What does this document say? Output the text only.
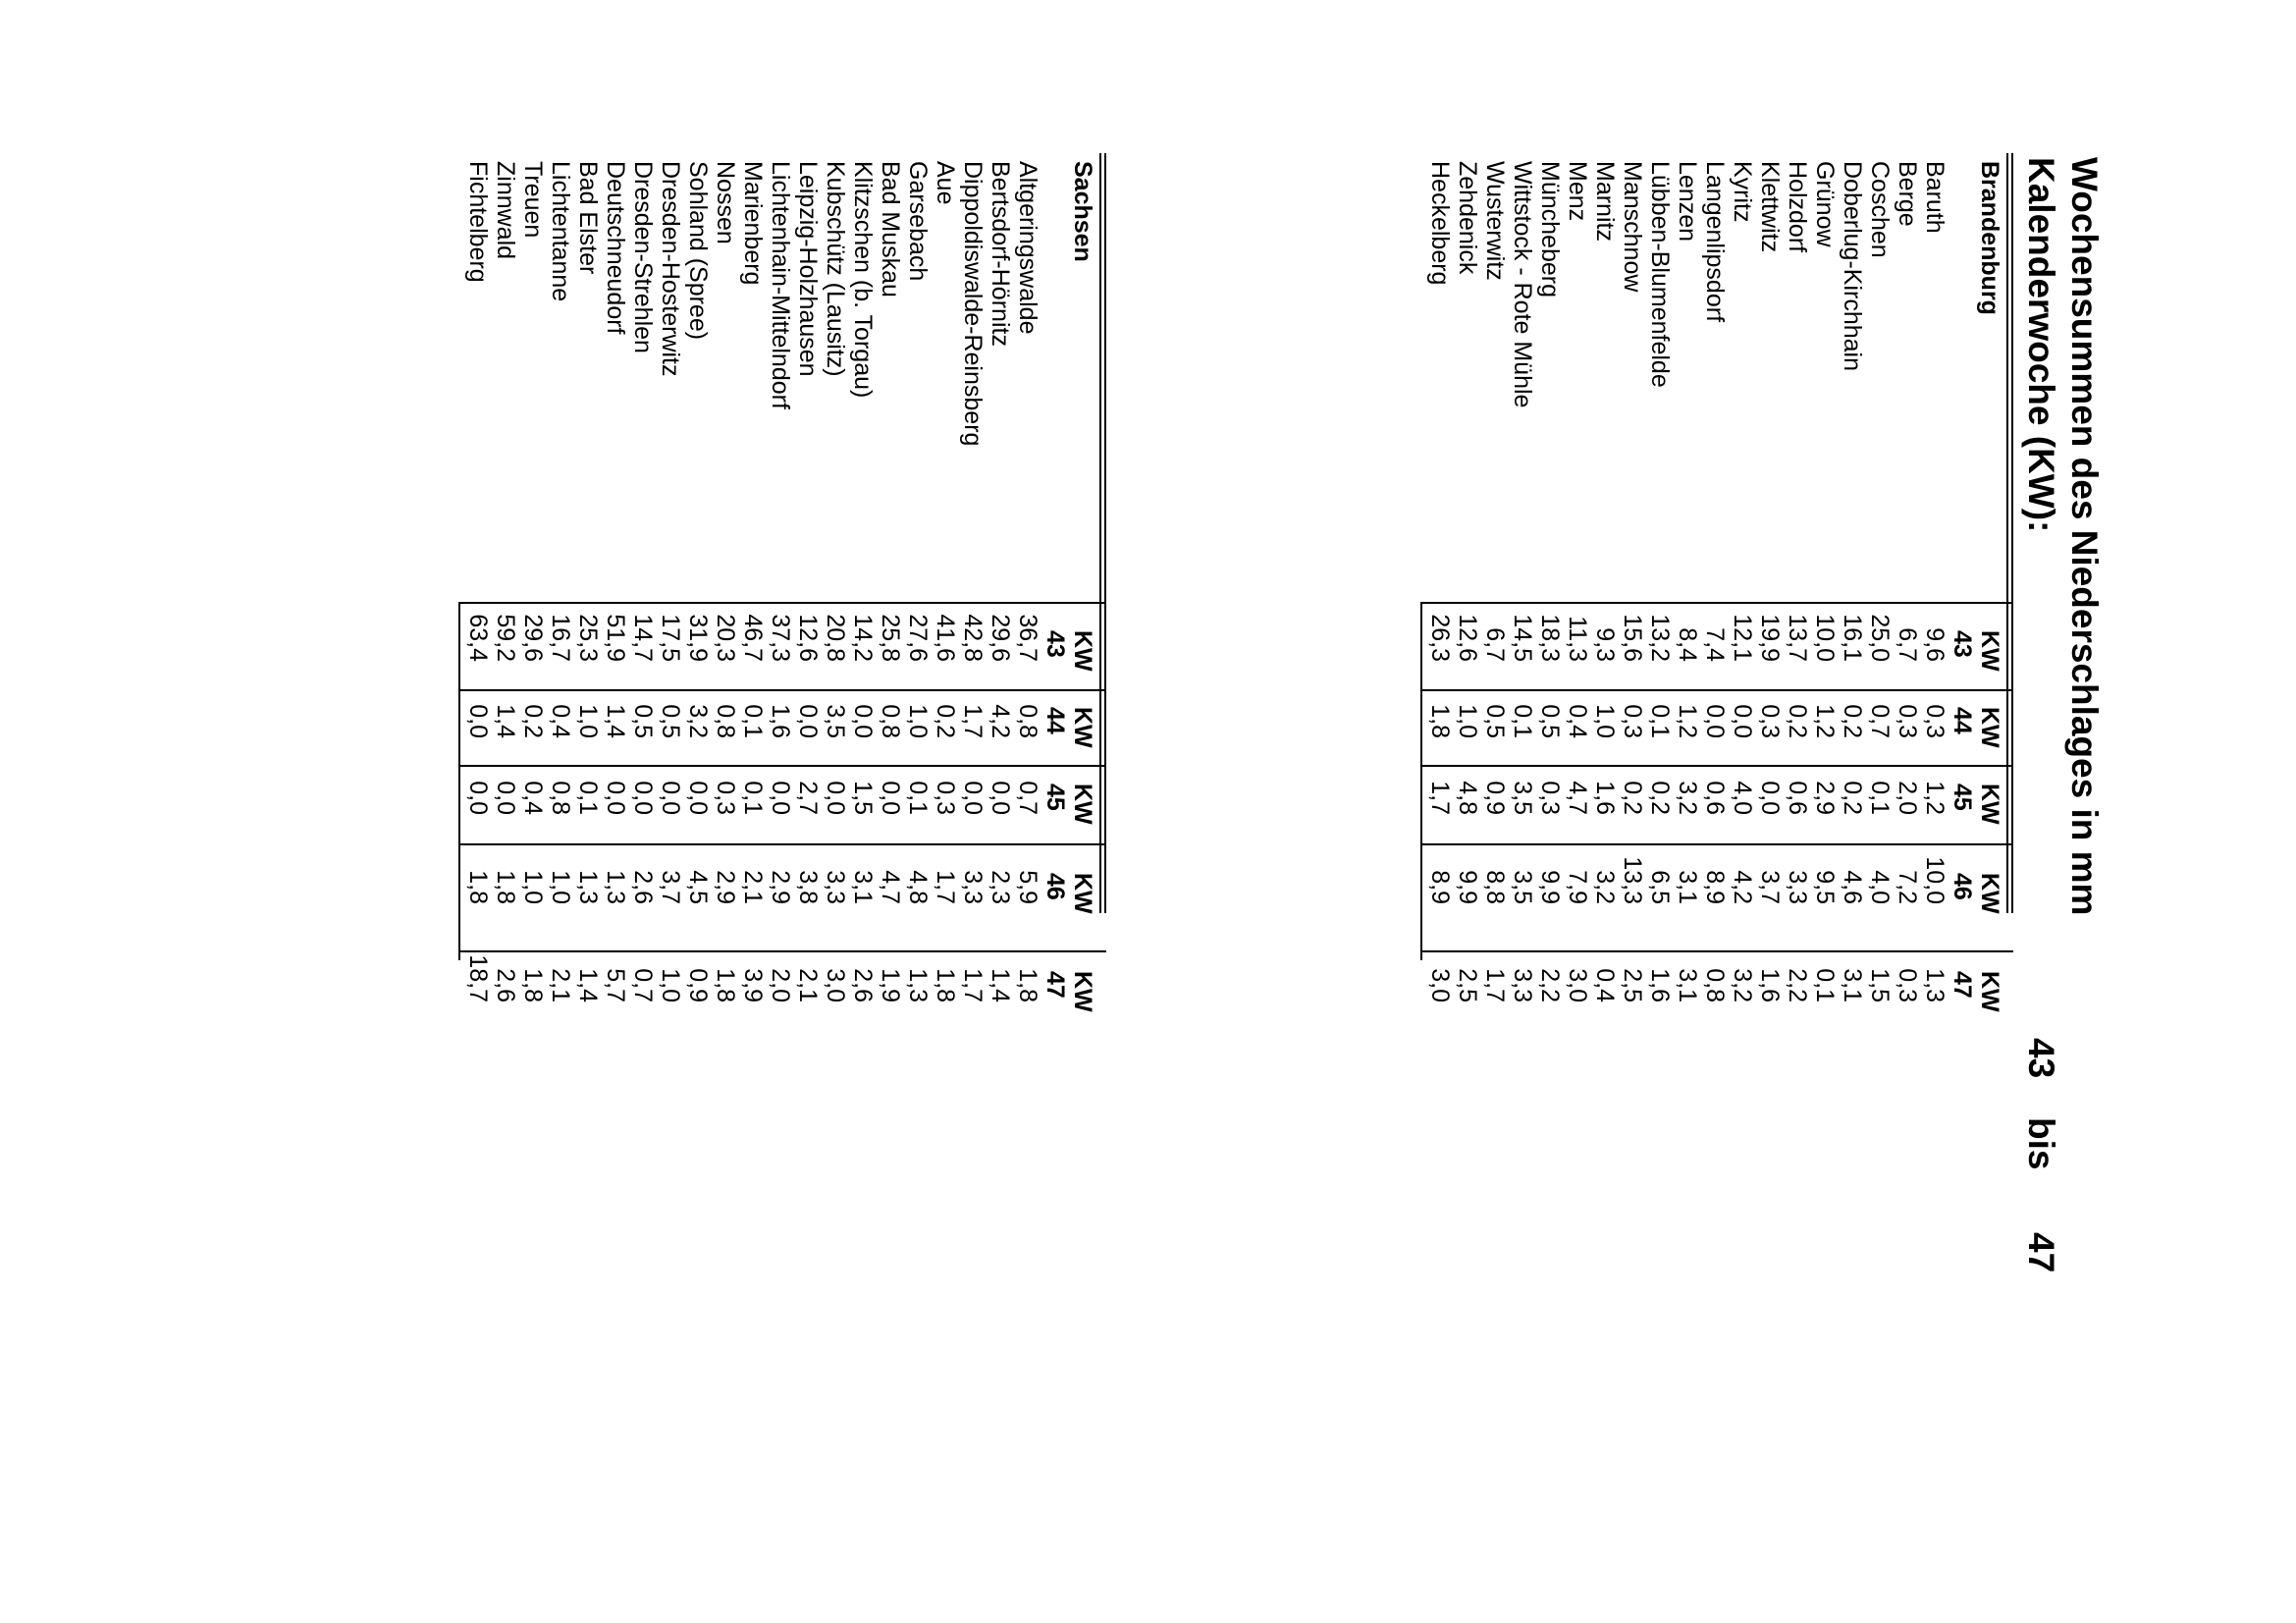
Wochensummen des Niederschlages in mm
Kalenderwoche (KW):
43
bis
47
Brandenburg
KW
43
KW
44
KW
45
KW
46
KW
47
Baruth
9,6
0,3
1,2
10,0
1,3
Berge
6,7
0,3
2,0
7,2
0,3
Coschen
25,0
0,7
0,1
4,0
1,5
Doberlug-Kirchhain
16,1
0,2
0,2
4,6
3,1
Grünow
10,0
1,2
2,9
9,5
0,1
Holzdorf
13,7
0,2
0,6
3,3
2,2
Klettwitz
19,9
0,3
0,0
3,7
1,6
Kyritz
12,1
0,0
4,0
4,2
3,2
Langenlipsdorf
7,4
0,0
0,6
8,9
0,8
Lenzen
8,4
1,2
3,2
3,1
3,1
Lübben-Blumenfelde
13,2
0,1
0,2
6,5
1,6
Manschnow
15,6
0,3
0,2
13,3
2,5
Marnitz
9,3
1,0
1,6
3,2
0,4
Menz
11,3
0,4
4,7
7,9
3,0
Müncheberg
18,3
0,5
0,3
9,9
2,2
Wittstock - Rote Mühle
14,5
0,1
3,5
3,5
3,3
Wusterwitz
6,7
0,5
0,9
8,8
1,7
Zehdenick
12,6
1,0
4,8
9,9
2,5
Heckelberg
26,3
1,8
1,7
8,9
3,0
Sachsen
KW
43
KW
44
KW
45
KW
46
KW
47
Altgeringswalde
36,7
0,8
0,7
5,9
1,8
Bertsdorf-Hörnitz
29,6
4,2
0,0
2,3
1,4
Dippoldiswalde-Reinsberg
42,8
1,7
0,0
3,3
1,7
Aue
41,6
0,2
0,3
1,7
1,8
Garsebach
27,6
1,0
0,1
4,8
1,3
Bad Muskau
25,8
0,8
0,0
4,7
1,9
Klitzschen (b. Torgau)
14,2
0,0
1,5
3,1
2,6
Kubschütz (Lausitz)
20,8
3,5
0,0
3,3
3,0
Leipzig-Holzhausen
12,6
0,0
2,7
3,8
2,1
Lichtenhain-Mittelndorf
37,3
1,6
0,0
2,9
2,0
Marienberg
46,7
0,1
0,1
2,1
3,9
Nossen
20,3
0,8
0,3
2,9
1,8
Sohland (Spree)
31,9
3,2
0,0
4,5
0,9
Dresden-Hosterwitz
17,5
0,5
0,0
3,7
1,0
Dresden-Strehlen
14,7
0,5
0,0
2,6
0,7
Deutschneudorf
51,9
1,4
0,0
1,3
5,7
Bad Elster
25,3
1,0
0,1
1,3
1,4
Lichtentanne
16,7
0,4
0,8
1,0
2,1
Treuen
29,6
0,2
0,4
1,0
1,8
Zinnwald
59,2
1,4
0,0
1,8
2,6
Fichtelberg
63,4
0,0
0,0
1,8
18,7
